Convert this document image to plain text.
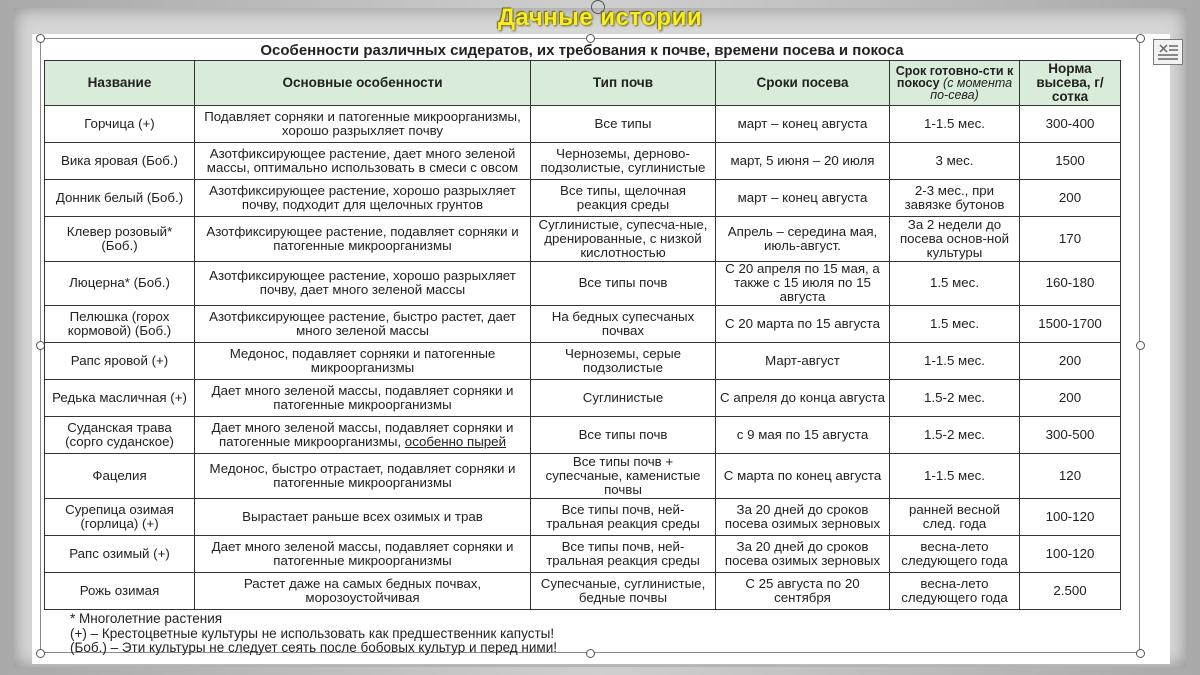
Дачные истории
Особенности различных сидератов, их требования к почве, времени посева и покоса
Название	Основные особенности	Тип почв	Сроки посева	Срок готовно-сти к покосу (с момента по-сева)	Норма высева, г/сотка
Горчица (+)	Подавляет сорняки и патогенные микроорганизмы, хорошо разрыхляет почву	Все типы	март – конец августа	1-1.5 мес.	300-400
Вика яровая (Боб.)	Азотфиксирующее растение, дает много зеленой массы, оптимально использовать в смеси с овсом	Черноземы, дерново-подзолистые, суглинистые	март, 5 июня – 20 июля	3 мес.	1500
Донник белый (Боб.)	Азотфиксирующее растение, хорошо разрыхляет почву, подходит для щелочных грунтов	Все типы, щелочная реакция среды	март – конец августа	2-3 мес., при завязке бутонов	200
Клевер розовый* (Боб.)	Азотфиксирующее растение, подавляет сорняки и патогенные микроорганизмы	Суглинистые, супесча-ные, дренированные, с низкой кислотностью	Апрель – середина мая, июль-август.	За 2 недели до посева основ-ной культуры	170
Люцерна* (Боб.)	Азотфиксирующее растение, хорошо разрыхляет почву, дает много зеленой массы	Все типы почв	С 20 апреля по 15 мая, а также с 15 июля по 15 августа	1.5 мес.	160-180
Пелюшка (горох кормовой) (Боб.)	Азотфиксирующее растение, быстро растет, дает много зеленой массы	На бедных супесчаных почвах	С 20 марта по 15 августа	1.5 мес.	1500-1700
Рапс яровой (+)	Медонос, подавляет сорняки и патогенные микроорганизмы	Черноземы, серые подзолистые	Март-август	1-1.5 мес.	200
Редька масличная (+)	Дает много зеленой массы, подавляет сорняки и патогенные микроорганизмы	Суглинистые	С апреля до конца августа	1.5-2 мес.	200
Суданская трава (сорго суданское)	Дает много зеленой массы, подавляет сорняки и патогенные микроорганизмы, особенно пырей	Все типы почв	с 9 мая по 15 августа	1.5-2 мес.	300-500
Фацелия	Медонос, быстро отрастает, подавляет сорняки и патогенные микроорганизмы	Все типы почв + супесчаные, каменистые почвы	С марта по конец августа	1-1.5 мес.	120
Сурепица озимая (горлица) (+)	Вырастает раньше всех озимых и трав	Все типы почв, ней-тральная реакция среды	За 20 дней до сроков посева озимых зерновых	ранней весной след. года	100-120
Рапс озимый (+)	Дает много зеленой массы, подавляет сорняки и патогенные микроорганизмы	Все типы почв, ней-тральная реакция среды	За 20 дней до сроков посева озимых зерновых	весна-лето следующего года	100-120
Рожь озимая	Растет даже на самых бедных почвах, морозоустойчивая	Супесчаные, суглинистые, бедные почвы	С 25 августа по 20 сентября	весна-лето следующего года	2.500
* Многолетние растения
(+) – Крестоцветные культуры не использовать как предшественник капусты!
(Боб.) – Эти культуры не следует сеять после бобовых культур и перед ними!
